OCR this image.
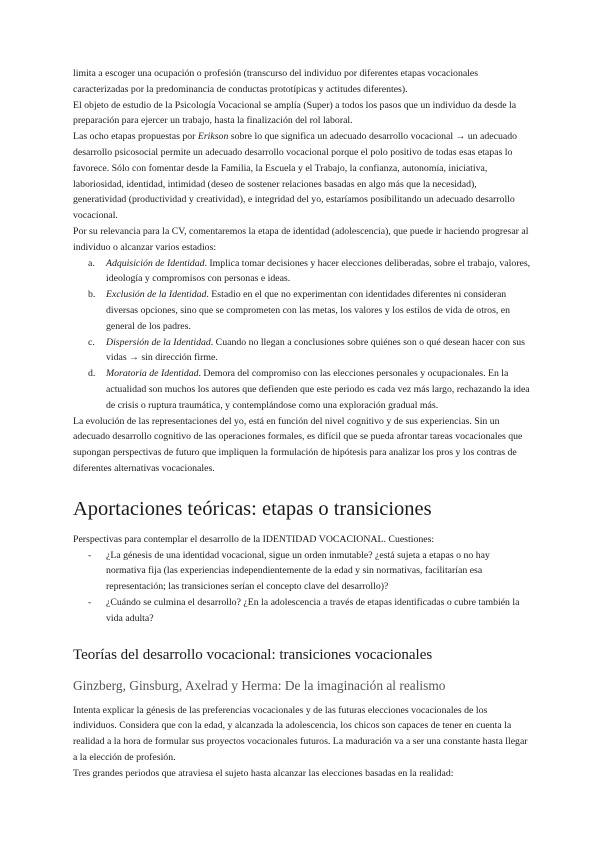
limita a escoger una ocupación o profesión (transcurso del individuo por diferentes etapas vocacionales caracterizadas por la predominancia de conductas prototípicas y actitudes diferentes).

El objeto de estudio de la Psicología Vocacional se amplía (Super) a todos los pasos que un individuo da desde la preparación para ejercer un trabajo, hasta la finalización del rol laboral.

Las ocho etapas propuestas por Erikson sobre lo que significa un adecuado desarrollo vocacional → un adecuado desarrollo psicosocial permite un adecuado desarrollo vocacional porque el polo positivo de todas esas etapas lo favorece. Sólo con fomentar desde la Familia, la Escuela y el Trabajo, la confianza, autonomía, iniciativa, laboriosidad, identidad, intimidad (deseo de sostener relaciones basadas en algo más que la necesidad), generatividad (productividad y creatividad), e integridad del yo, estaríamos posibilitando un adecuado desarrollo vocacional.

Por su relevancia para la CV, comentaremos la etapa de identidad (adolescencia), que puede ir haciendo progresar al individuo o alcanzar varios estadios:

a. Adquisición de Identidad. Implica tomar decisiones y hacer elecciones deliberadas, sobre el trabajo, valores, ideología y compromisos con personas e ideas.
b. Exclusión de la Identidad. Estadio en el que no experimentan con identidades diferentes ni consideran diversas opciones, sino que se comprometen con las metas, los valores y los estilos de vida de otros, en general de los padres.
c. Dispersión de la Identidad. Cuando no llegan a conclusiones sobre quiénes son o qué desean hacer con sus vidas → sin dirección firme.
d. Moratoria de Identidad. Demora del compromiso con las elecciones personales y ocupacionales. En la actualidad son muchos los autores que defienden que este periodo es cada vez más largo, rechazando la idea de crisis o ruptura traumática, y contemplándose como una exploración gradual más.

La evolución de las representaciones del yo, está en función del nivel cognitivo y de sus experiencias. Sin un adecuado desarrollo cognitivo de las operaciones formales, es difícil que se pueda afrontar tareas vocacionales que supongan perspectivas de futuro que impliquen la formulación de hipótesis para analizar los pros y los contras de diferentes alternativas vocacionales.

Aportaciones teóricas: etapas o transiciones

Perspectivas para contemplar el desarrollo de la IDENTIDAD VOCACIONAL. Cuestiones:

- ¿La génesis de una identidad vocacional, sigue un orden inmutable? ¿está sujeta a etapas o no hay normativa fija (las experiencias independientemente de la edad y sin normativas, facilitarían esa representación; las transiciones serían el concepto clave del desarrollo)?
- ¿Cuándo se culmina el desarrollo? ¿En la adolescencia a través de etapas identificadas o cubre también la vida adulta?
Teorías del desarrollo vocacional: transiciones vocacionales
Ginzberg, Ginsburg, Axelrad y Herma: De la imaginación al realismo

Intenta explicar la génesis de las preferencias vocacionales y de las futuras elecciones vocacionales de los individuos. Considera que con la edad, y alcanzada la adolescencia, los chicos son capaces de tener en cuenta la realidad a la hora de formular sus proyectos vocacionales futuros. La maduración va a ser una constante hasta llegar a la elección de profesión.

Tres grandes periodos que atraviesa el sujeto hasta alcanzar las elecciones basadas en la realidad:
